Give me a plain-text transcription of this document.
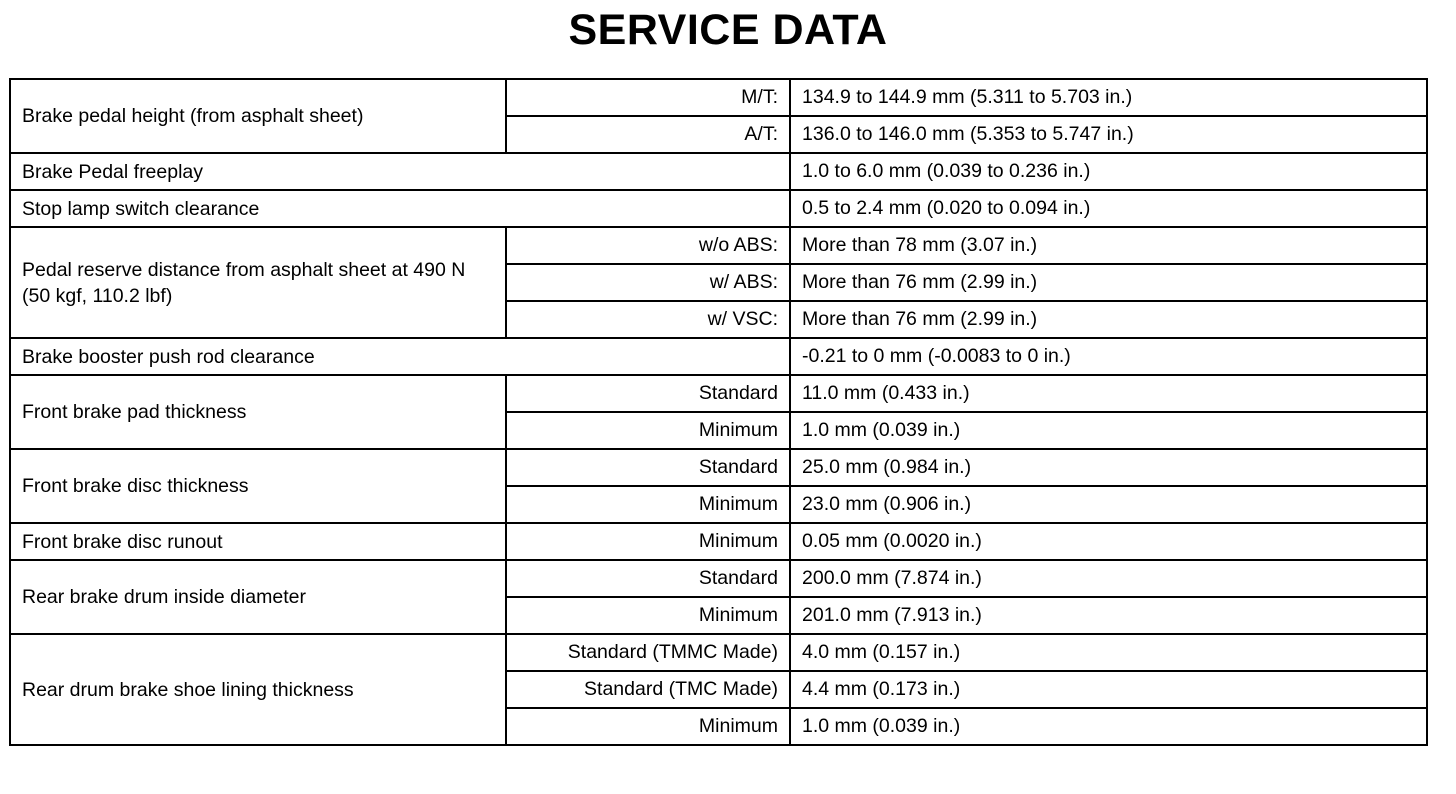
SERVICE DATA
Brake pedal height (from asphalt sheet)	M/T:	134.9 to 144.9 mm (5.311 to 5.703 in.)
	A/T:	136.0 to 146.0 mm (5.353 to 5.747 in.)
Brake Pedal freeplay		1.0 to 6.0 mm (0.039 to 0.236 in.)
Stop lamp switch clearance		0.5 to 2.4 mm (0.020 to 0.094 in.)
Pedal reserve distance from asphalt sheet at 490 N (50 kgf, 110.2 lbf)	w/o ABS:	More than 78 mm (3.07 in.)
	w/ ABS:	More than 76 mm (2.99 in.)
	w/ VSC:	More than 76 mm (2.99 in.)
Brake booster push rod clearance		-0.21 to 0 mm (-0.0083 to 0 in.)
Front brake pad thickness	Standard	11.0 mm (0.433 in.)
	Minimum	1.0 mm (0.039 in.)
Front brake disc thickness	Standard	25.0 mm (0.984 in.)
	Minimum	23.0 mm (0.906 in.)
Front brake disc runout	Minimum	0.05 mm (0.0020 in.)
Rear brake drum inside diameter	Standard	200.0 mm (7.874 in.)
	Minimum	201.0 mm (7.913 in.)
Rear drum brake shoe lining thickness	Standard (TMMC Made)	4.0 mm (0.157 in.)
	Standard (TMC Made)	4.4 mm (0.173 in.)
	Minimum	1.0 mm (0.039 in.)
